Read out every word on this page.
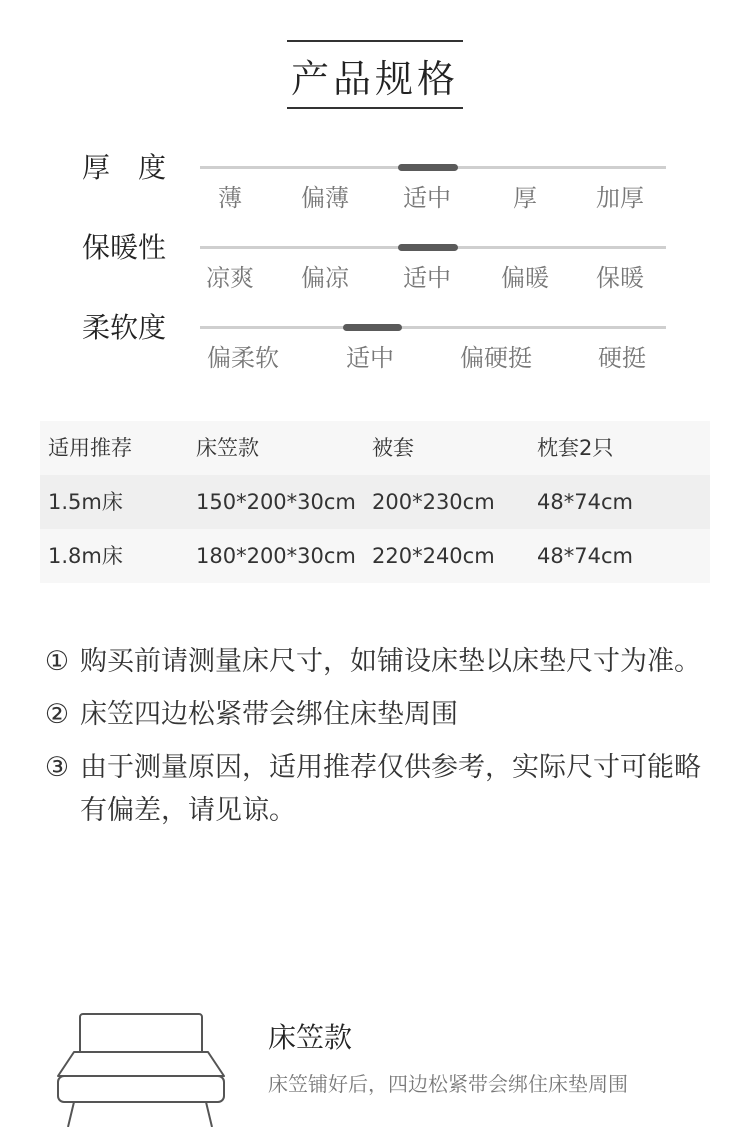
产品规格
厚　度
薄 偏薄 适中	厚 加厚
保暖性
凉爽 偏凉 适中 偏暖 保暖
柔软度
偏柔软	适中	偏硬挺	硬挺
适用推荐	床笠款	被套	枕套2只
1.5m床	150*200*30cm 200*230cm 48*74cm
1.8m床	180*200*30cm 220*240cm 48*74cm
① 购买前请测量床尺寸，如铺设床垫以床垫尺寸为准。
② 床笠四边松紧带会绑住床垫周围
③ 由于测量原因，适用推荐仅供参考，实际尺寸可能略有偏差，请见谅。
床笠款
床笠铺好后，四边松紧带会绑住床垫周围
